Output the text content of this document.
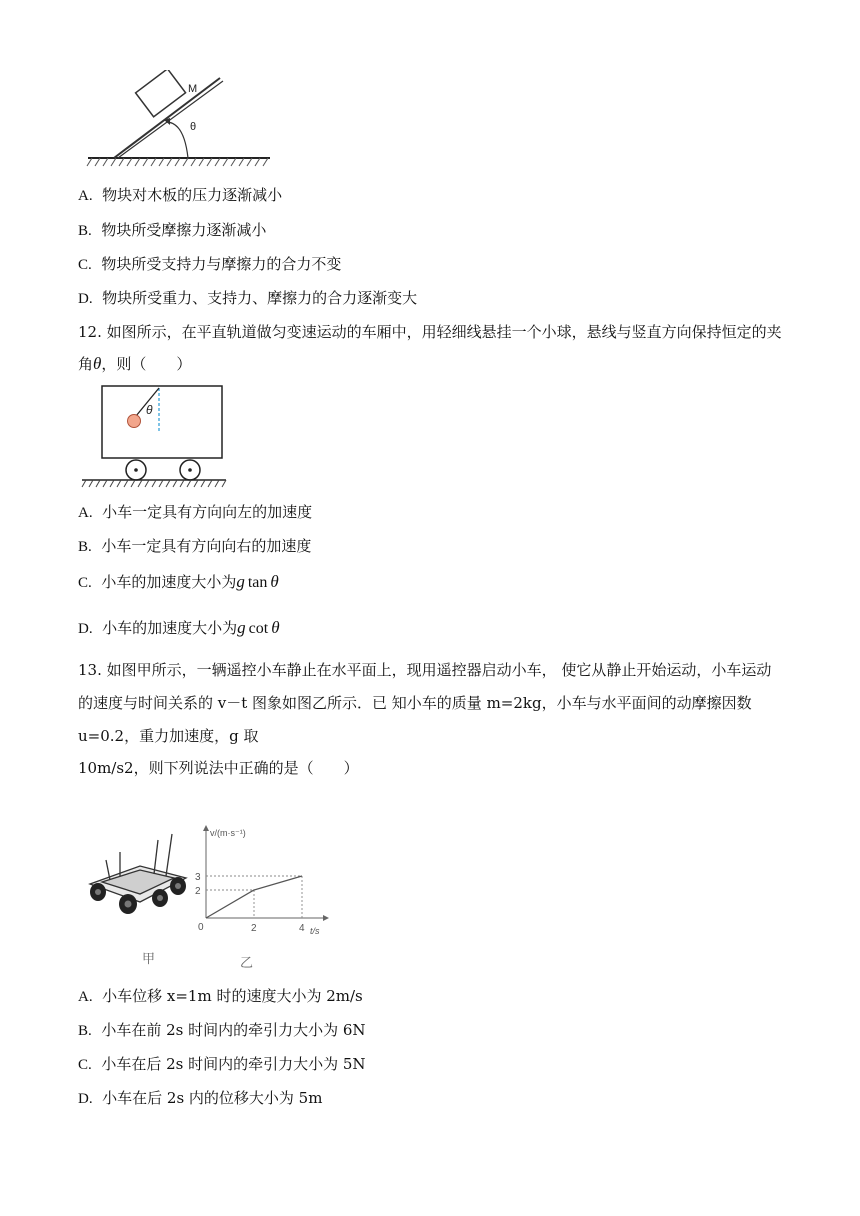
M
θ
A. 物块对木板的压力逐渐减小
B. 物块所受摩擦力逐渐减小
C. 物块所受支持力与摩擦力的合力不变
D. 物块所受重力、支持力、摩擦力的合力逐渐变大
12. 如图所示，在平直轨道做匀变速运动的车厢中，用轻细线悬挂一个小球，悬线与竖直方向保持恒定的夹
角θ，则（　　）
θ
A. 小车一定具有方向向左的加速度
B. 小车一定具有方向向右的加速度
C. 小车的加速度大小为g  tan  θ
D. 小车的加速度大小为g  cot  θ
13. 如图甲所示，一辆遥控小车静止在水平面上，现用遥控器启动小车， 使它从静止开始运动，小车运动
的速度与时间关系的 v－t 图象如图乙所示．已 知小车的质量 m=2kg，小车与水平面间的动摩擦因数
u=0.2，重力加速度，g 取
10m/s2，则下列说法中正确的是（　　）
甲
v/(m·s⁻¹)
t/s
0	2	4
2
3
乙
A. 小车位移 x=1m 时的速度大小为 2m/s
B. 小车在前 2s 时间内的牵引力大小为 6N
C. 小车在后 2s 时间内的牵引力大小为 5N
D. 小车在后 2s 内的位移大小为 5m
